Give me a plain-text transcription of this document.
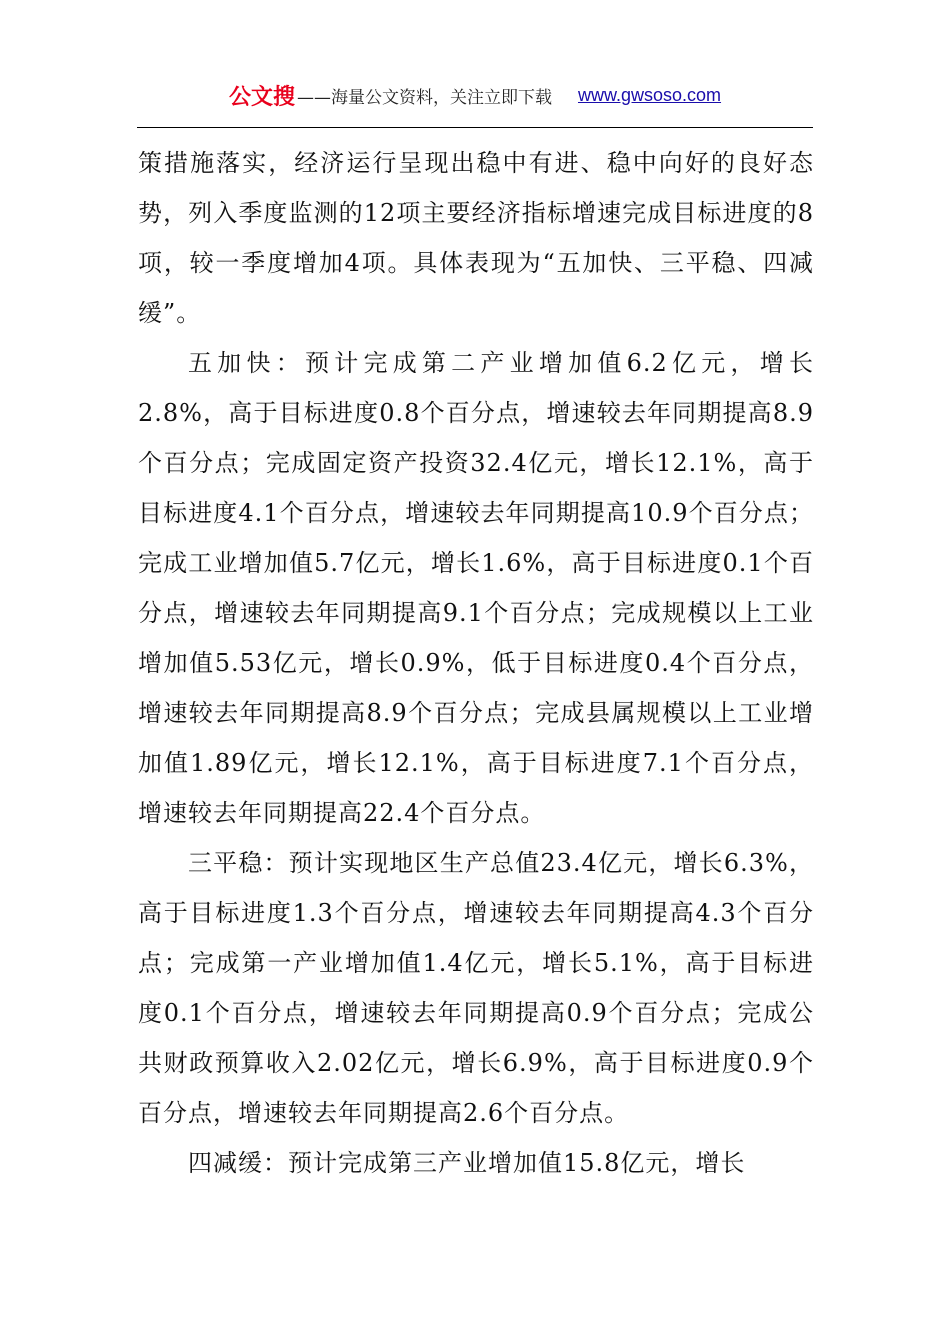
公文搜 ——海量公文资料，关注立即下载 www.gwsoso.com

策措施落实，经济运行呈现出稳中有进、稳中向好的良好态势，列入季度监测的12项主要经济指标增速完成目标进度的8项，较一季度增加4项。具体表现为“五加快、三平稳、四减缓”。

五加快：预计完成第二产业增加值6.2亿元，增长2.8%，高于目标进度0.8个百分点，增速较去年同期提高8.9个百分点；完成固定资产投资32.4亿元，增长12.1%，高于目标进度4.1个百分点，增速较去年同期提高10.9个百分点；完成工业增加值5.7亿元，增长1.6%，高于目标进度0.1个百分点，增速较去年同期提高9.1个百分点；完成规模以上工业增加值5.53亿元，增长0.9%，低于目标进度0.4个百分点，增速较去年同期提高8.9个百分点；完成县属规模以上工业增加值1.89亿元，增长12.1%，高于目标进度7.1个百分点，增速较去年同期提高22.4个百分点。

三平稳：预计实现地区生产总值23.4亿元，增长6.3%，高于目标进度1.3个百分点，增速较去年同期提高4.3个百分点；完成第一产业增加值1.4亿元，增长5.1%，高于目标进度0.1个百分点，增速较去年同期提高0.9个百分点；完成公共财政预算收入2.02亿元，增长6.9%，高于目标进度0.9个百分点，增速较去年同期提高2.6个百分点。

四减缓：预计完成第三产业增加值15.8亿元，增长
